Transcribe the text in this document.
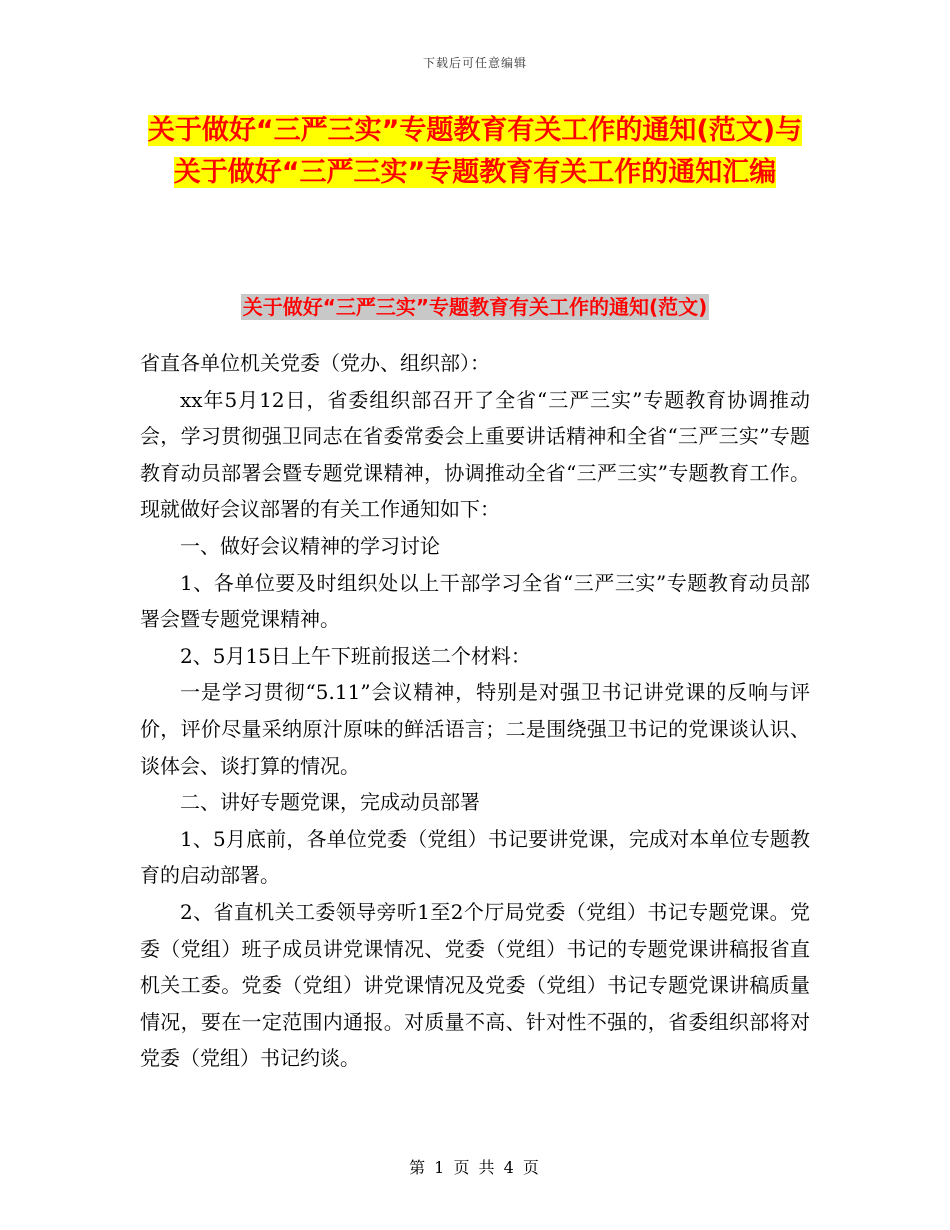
下载后可任意编辑
关于做好“三严三实”专题教育有关工作的通知(范文)与关于做好“三严三实”专题教育有关工作的通知汇编
关于做好“三严三实”专题教育有关工作的通知(范文)

省直各单位机关党委（党办、组织部）：

xx年5月12日，省委组织部召开了全省“三严三实”专题教育协调推动会，学习贯彻强卫同志在省委常委会上重要讲话精神和全省“三严三实”专题教育动员部署会暨专题党课精神，协调推动全省“三严三实”专题教育工作。现就做好会议部署的有关工作通知如下：

一、做好会议精神的学习讨论

1、各单位要及时组织处以上干部学习全省“三严三实”专题教育动员部署会暨专题党课精神。

2、5月15日上午下班前报送二个材料：

一是学习贯彻“5.11”会议精神，特别是对强卫书记讲党课的反响与评价，评价尽量采纳原汁原味的鲜活语言；二是围绕强卫书记的党课谈认识、谈体会、谈打算的情况。

二、讲好专题党课，完成动员部署

1、5月底前，各单位党委（党组）书记要讲党课，完成对本单位专题教育的启动部署。

2、省直机关工委领导旁听1至2个厅局党委（党组）书记专题党课。党委（党组）班子成员讲党课情况、党委（党组）书记的专题党课讲稿报省直机关工委。党委（党组）讲党课情况及党委（党组）书记专题党课讲稿质量情况，要在一定范围内通报。对质量不高、针对性不强的，省委组织部将对党委（党组）书记约谈。

第 1 页 共 4 页
